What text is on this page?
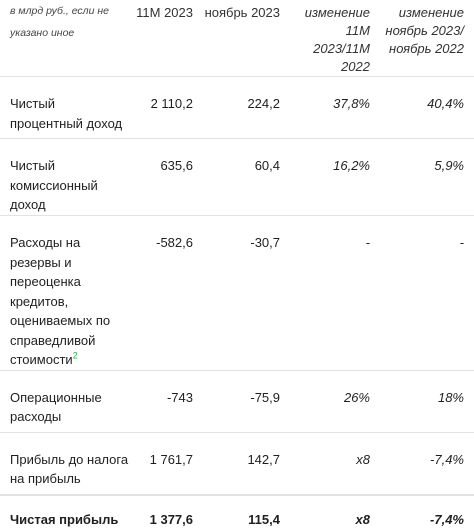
в млрд руб., если не указано иное	11М 2023	ноябрь 2023	изменение 11М 2023/11М 2022	изменение ноябрь 2023/ ноябрь 2022
Чистый процентный доход	2 110,2	224,2	37,8%	40,4%
Чистый комиссионный доход	635,6	60,4	16,2%	5,9%
Расходы на резервы и переоценка кредитов, оцениваемых по справедливой стоимости$^2$	-582,6	-30,7	-	-
Операционные расходы	-743	-75,9	26%	18%
Прибыль до налога на прибыль	1 761,7	142,7	x8	-7,4%
Чистая прибыль	1 377,6	115,4	x8	-7,4%
